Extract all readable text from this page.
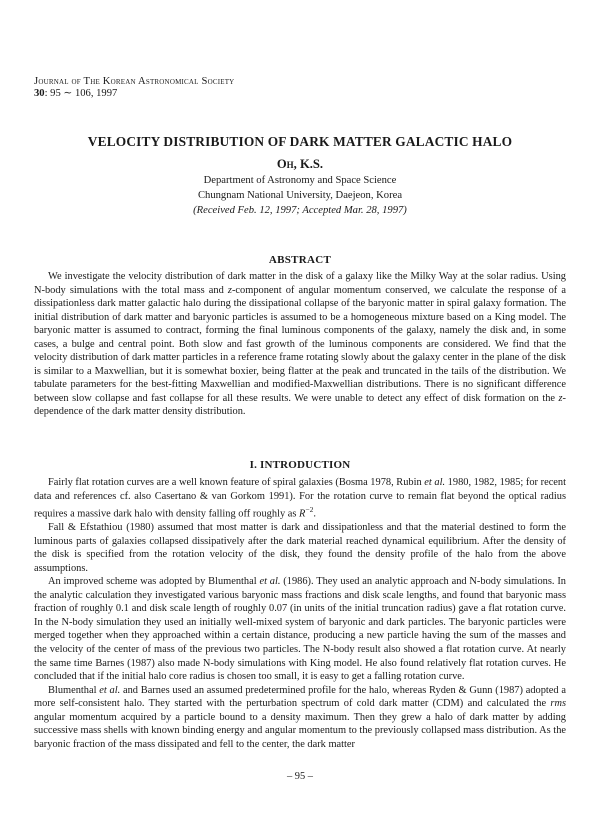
Journal of The Korean Astronomical Society
30: 95 ∼ 106, 1997
VELOCITY DISTRIBUTION OF DARK MATTER GALACTIC HALO
Oh, K.S.
Department of Astronomy and Space Science
Chungnam National University, Daejeon, Korea
(Received Feb. 12, 1997; Accepted Mar. 28, 1997)
ABSTRACT

We investigate the velocity distribution of dark matter in the disk of a galaxy like the Milky Way at the solar radius. Using N-body simulations with the total mass and z-component of angular momentum conserved, we calculate the response of a dissipationless dark matter galactic halo during the dissipational collapse of the baryonic matter in spiral galaxy formation. The initial distribution of dark matter and baryonic particles is assumed to be a homogeneous mixture based on a King model. The baryonic matter is assumed to contract, forming the final luminous components of the galaxy, namely the disk and, in some cases, a bulge and central point. Both slow and fast growth of the luminous components are considered. We find that the velocity distribution of dark matter particles in a reference frame rotating slowly about the galaxy center in the plane of the disk is similar to a Maxwellian, but it is somewhat boxier, being flatter at the peak and truncated in the tails of the distribution. We tabulate parameters for the best-fitting Maxwellian and modified-Maxwellian distributions. There is no significant difference between slow collapse and fast collapse for all these results. We were unable to detect any effect of disk formation on the z-dependence of the dark matter density distribution.

I. INTRODUCTION

Fairly flat rotation curves are a well known feature of spiral galaxies (Bosma 1978, Rubin et al. 1980, 1982, 1985; for recent data and references cf. also Casertano & van Gorkom 1991). For the rotation curve to remain flat beyond the optical radius requires a massive dark halo with density falling off roughly as $R^{-2}$.

Fall & Efstathiou (1980) assumed that most matter is dark and dissipationless and that the material destined to form the luminous parts of galaxies collapsed dissipatively after the dark material reached dynamical equilibrium. After the density of the disk is specified from the rotation velocity of the disk, they found the density profile of the halo from the above assumptions.

An improved scheme was adopted by Blumenthal et al. (1986). They used an analytic approach and N-body simulations. In the analytic calculation they investigated various baryonic mass fractions and disk scale lengths, and found that baryonic mass fraction of roughly 0.1 and disk scale length of roughly 0.07 (in units of the initial truncation radius) gave a flat rotation curve. In the N-body simulation they used an initially well-mixed system of baryonic and dark particles. The baryonic particles were merged together when they approached within a certain distance, producing a new particle having the sum of the masses and the velocity of the center of mass of the previous two particles. The N-body result also showed a flat rotation curve. At nearly the same time Barnes (1987) also made N-body simulations with King model. He also found relatively flat rotation curves. He concluded that if the initial halo core radius is chosen too small, it is easy to get a falling rotation curve.

Blumenthal et al. and Barnes used an assumed predetermined profile for the halo, whereas Ryden & Gunn (1987) adopted a more self-consistent halo. They started with the perturbation spectrum of cold dark matter (CDM) and calculated the rms angular momentum acquired by a particle bound to a density maximum. Then they grew a halo of dark matter by adding successive mass shells with known binding energy and angular momentum to the previously collapsed mass distribution. As the baryonic fraction of the mass dissipated and fell to the center, the dark matter

– 95 –
